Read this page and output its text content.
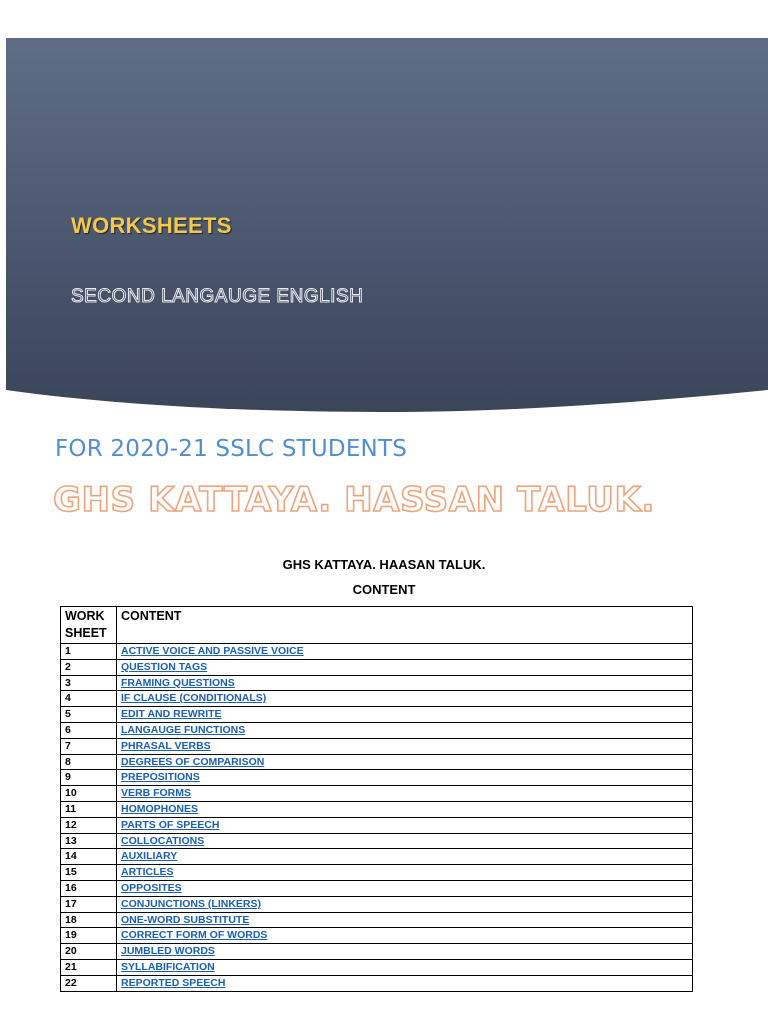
WORKSHEETS
SECOND LANGAUGE ENGLISH
FOR 2020-21 SSLC STUDENTS
GHS KATTAYA. HASSAN TALUK.
GHS KATTAYA. HAASAN TALUK.
CONTENT
WORK SHEET	CONTENT
1	ACTIVE VOICE AND PASSIVE VOICE
2	QUESTION TAGS
3	FRAMING QUESTIONS
4	IF CLAUSE (CONDITIONALS)
5	EDIT AND REWRITE
6	LANGAUGE FUNCTIONS
7	PHRASAL VERBS
8	DEGREES OF COMPARISON
9	PREPOSITIONS
10	VERB FORMS
11	HOMOPHONES
12	PARTS OF SPEECH
13	COLLOCATIONS
14	AUXILIARY
15	ARTICLES
16	OPPOSITES
17	CONJUNCTIONS (LINKERS)
18	ONE-WORD SUBSTITUTE
19	CORRECT FORM OF WORDS
20	JUMBLED WORDS
21	SYLLABIFICATION
22	REPORTED SPEECH
